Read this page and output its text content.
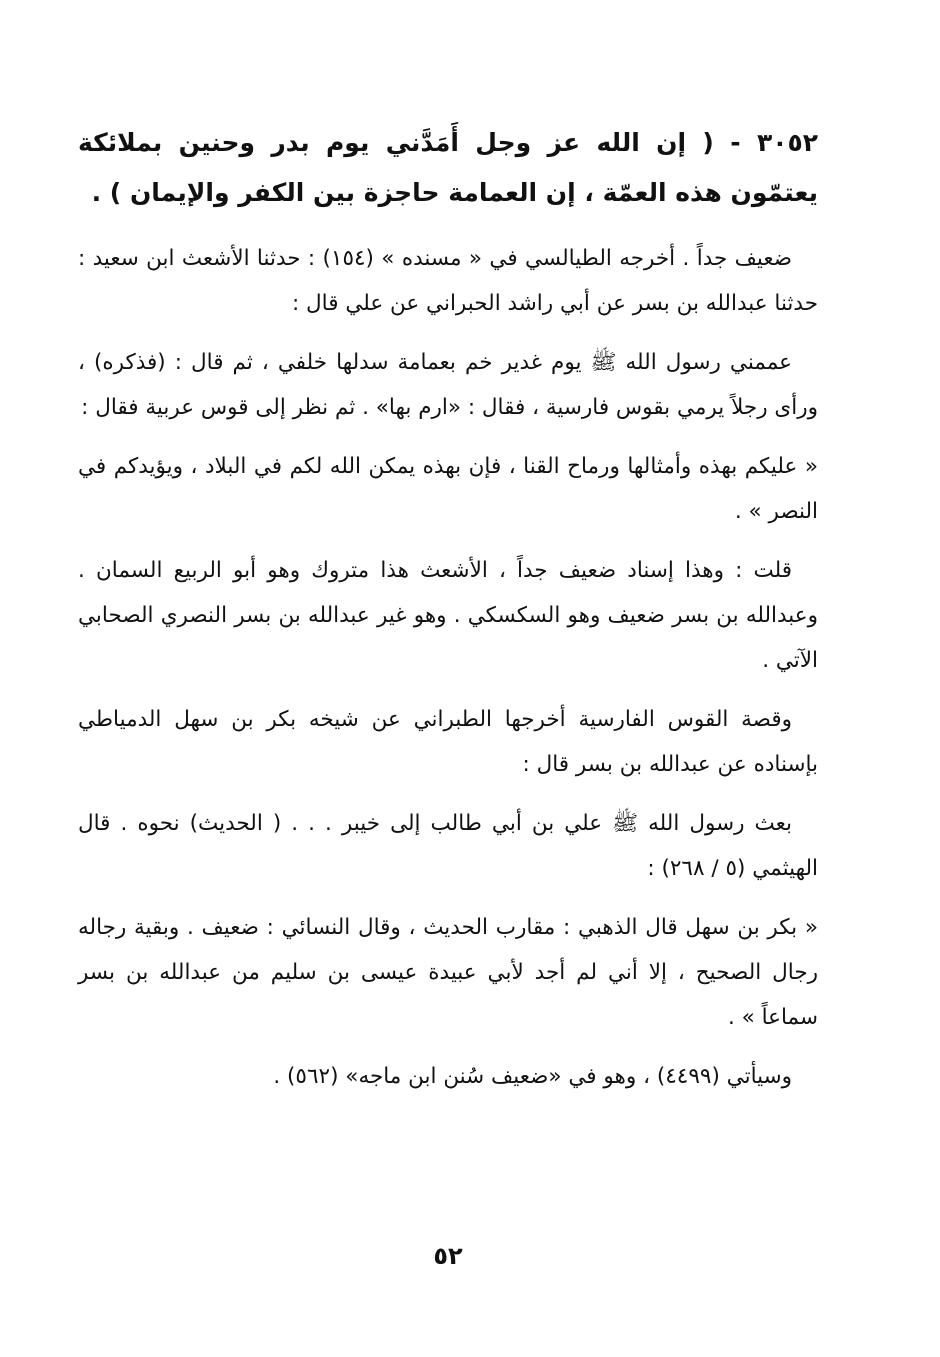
٣٠٥٢ - ( إن الله عز وجل أَمَدَّني يوم بدر وحنين بملائكة يعتمّون هذه العمّة ، إن العمامة حاجزة بين الكفر والإيمان ) .

ضعيف جداً . أخرجه الطيالسي في « مسنده » (١٥٤) : حدثنا الأشعث ابن سعيد : حدثنا عبدالله بن بسر عن أبي راشد الحبراني عن علي قال :

عممني رسول الله ﷺ يوم غدير خم بعمامة سدلها خلفي ، ثم قال : (فذكره) ، ورأى رجلاً يرمي بقوس فارسية ، فقال : «ارم بها» . ثم نظر إلى قوس عربية فقال :

« عليكم بهذه وأمثالها ورماح القنا ، فإن بهذه يمكن الله لكم في البلاد ، ويؤيدكم في النصر » .

قلت : وهذا إسناد ضعيف جداً ، الأشعث هذا متروك وهو أبو الربيع السمان . وعبدالله بن بسر ضعيف وهو السكسكي . وهو غير عبدالله بن بسر النصري الصحابي الآتي .

وقصة القوس الفارسية أخرجها الطبراني عن شيخه بكر بن سهل الدمياطي بإسناده عن عبدالله بن بسر قال :

بعث رسول الله ﷺ علي بن أبي طالب إلى خيبر . . . ( الحديث) نحوه . قال الهيثمي (٥ / ٢٦٨) :

« بكر بن سهل قال الذهبي : مقارب الحديث ، وقال النسائي : ضعيف . وبقية رجاله رجال الصحيح ، إلا أني لم أجد لأبي عبيدة عيسى بن سليم من عبدالله بن بسر سماعاً » .

وسيأتي (٤٤٩٩) ، وهو في «ضعيف سُنن ابن ماجه» (٥٦٢) .

٥٢
